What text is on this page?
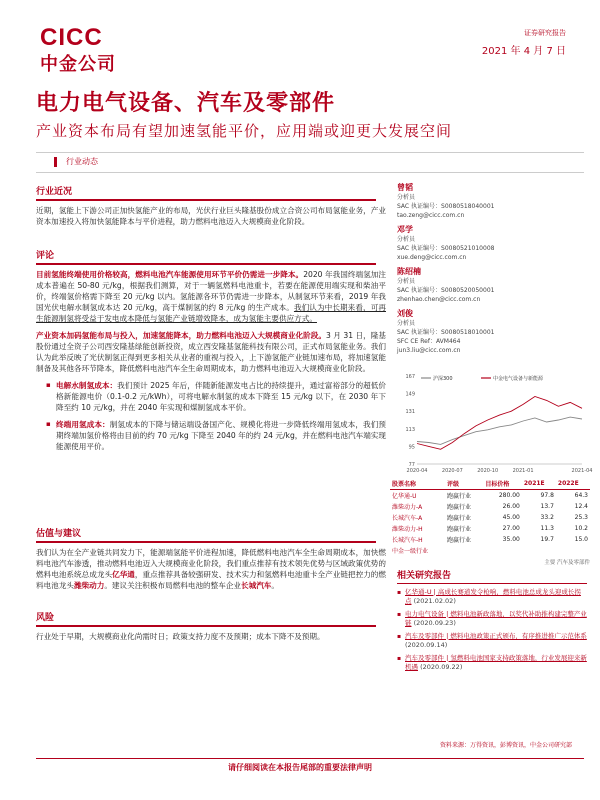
CICC
中金公司
证券研究报告
2021 年 4 月 7 日
电力电气设备、汽车及零部件
产业资本布局有望加速氢能平价，应用端或迎更大发展空间
行业动态
行业近况
近期，氢能上下游公司正加快氢能产业的布局，光伏行业巨头隆基股份成立合资公司布局氢能业务，产业资本加速投入将加快氢能降本与平价进程，助力燃料电池迈入大规模商业化阶段。
评论
目前氢能终端使用价格较高，燃料电池汽车能源使用环节平价仍需进一步降本。2020 年我国终端氢加注成本普遍在 50-80 元/kg，根据我们测算，对于一辆氢燃料电池重卡，若要在能源使用端实现和柴油平价，终端氢价格需下降至 20 元/kg 以内。氢能源各环节仍需进一步降本，从制氢环节来看，2019 年我国光伏电解水制氢成本达 20 元/kg，高于煤制氢的约 8 元/kg 的生产成本。我们认为中长期来看，可再生能源制氢将受益于发电成本降低与氢能产业链增效降本，成为氢能主要供应方式。
产业资本加码氢能布局与投入，加速氢能降本，助力燃料电池迈入大规模商业化阶段。3 月 31 日，隆基股份通过全资子公司西安隆基绿能创新投资，成立西安隆基氢能科技有限公司，正式布局氢能业务。我们认为此举反映了光伏制氢正得到更多相关从业者的重视与投入，上下游氢能产业链加速布局，将加速氢能制备及其他各环节降本，降低燃料电池汽车全生命周期成本，助力燃料电池迈入大规模商业化阶段。
▪ 电解水制氢成本：我们预计 2025 年后，伴随新能源发电占比的持续提升，通过富裕部分的超低价格新能源电价（0.1-0.2 元/kWh），可将电解水制氢的成本下降至 15 元/kg 以下，在 2030 年下降至约 10 元/kg，并在 2040 年实现和煤制氢成本平价。
▪ 终端用氢成本：制氢成本的下降与储运端设备国产化、规模化将进一步降低终端用氢成本，我们预期终端加氢价格将由目前的约 70 元/kg 下降至 2040 年的约 24 元/kg，并在燃料电池汽车端实现能源使用平价。
估值与建议
我们认为在全产业链共同发力下，能源端氢能平价进程加速，降低燃料电池汽车全生命周期成本，加快燃料电池汽车渗透，推动燃料电池迈入大规模商业化阶段，我们重点推荐有技术领先优势与区域政策优势的燃料电池系统总成龙头亿华通，重点推荐具备较强研发、技术实力和氢燃料电池重卡全产业链把控力的燃料电池龙头潍柴动力。建议关注积极布局燃料电池的整车企业长城汽车。
风险
行业处于早期，大规模商业化尚需时日；政策支持力度不及预期；成本下降不及预期。
曾韬
分析员
SAC 执证编号：S0080518040001
tao.zeng@cicc.com.cn
邓学
分析员
SAC 执证编号：S0080521010008
xue.deng@cicc.com.cn
陈绍楠
分析员
SAC 执证编号：S0080520050001
zhenhao.chen@cicc.com.cn
刘俊
分析员
SAC 执证编号：S0080518010001
SFC CE Ref：AVM464
jun3.liu@cicc.com.cn
77
95
113
131
149
167
2020-04	2020-07	2020-10	2021-01	2021-04
沪深300	中金电气设备与新能源
股票名称	评级	目标价格	2021E	2022E
亿华通-U	跑赢行业	280.00	97.8	64.3
潍柴动力-A	跑赢行业	26.00	13.7	12.4
长城汽车-A	跑赢行业	45.00	33.2	25.3
潍柴动力-H	跑赢行业	27.00	11.3	10.2
长城汽车-H	跑赢行业	35.00	19.7	15.0
中金一级行业				
主要 汽车及零部件
相关研究报告
▪ 亿华通-U | 高成长赛道发令枪响，燃料电池总成龙头迎成长拐点 (2021.02.02)
▪ 电力电气设备 | 燃料电池新政落地，以奖代补助推构建完整产业链 (2020.09.23)
▪ 汽车及零部件 | 燃料电池政策正式颁布，有序推进推广示范体系 (2020.09.14)
▪ 汽车及零部件 | 氢燃料电池国家支持政策落地，行业发展迎来新机遇 (2020.09.22)
资料来源：万得资讯，彭博资讯，中金公司研究部
请仔细阅读在本报告尾部的重要法律声明
